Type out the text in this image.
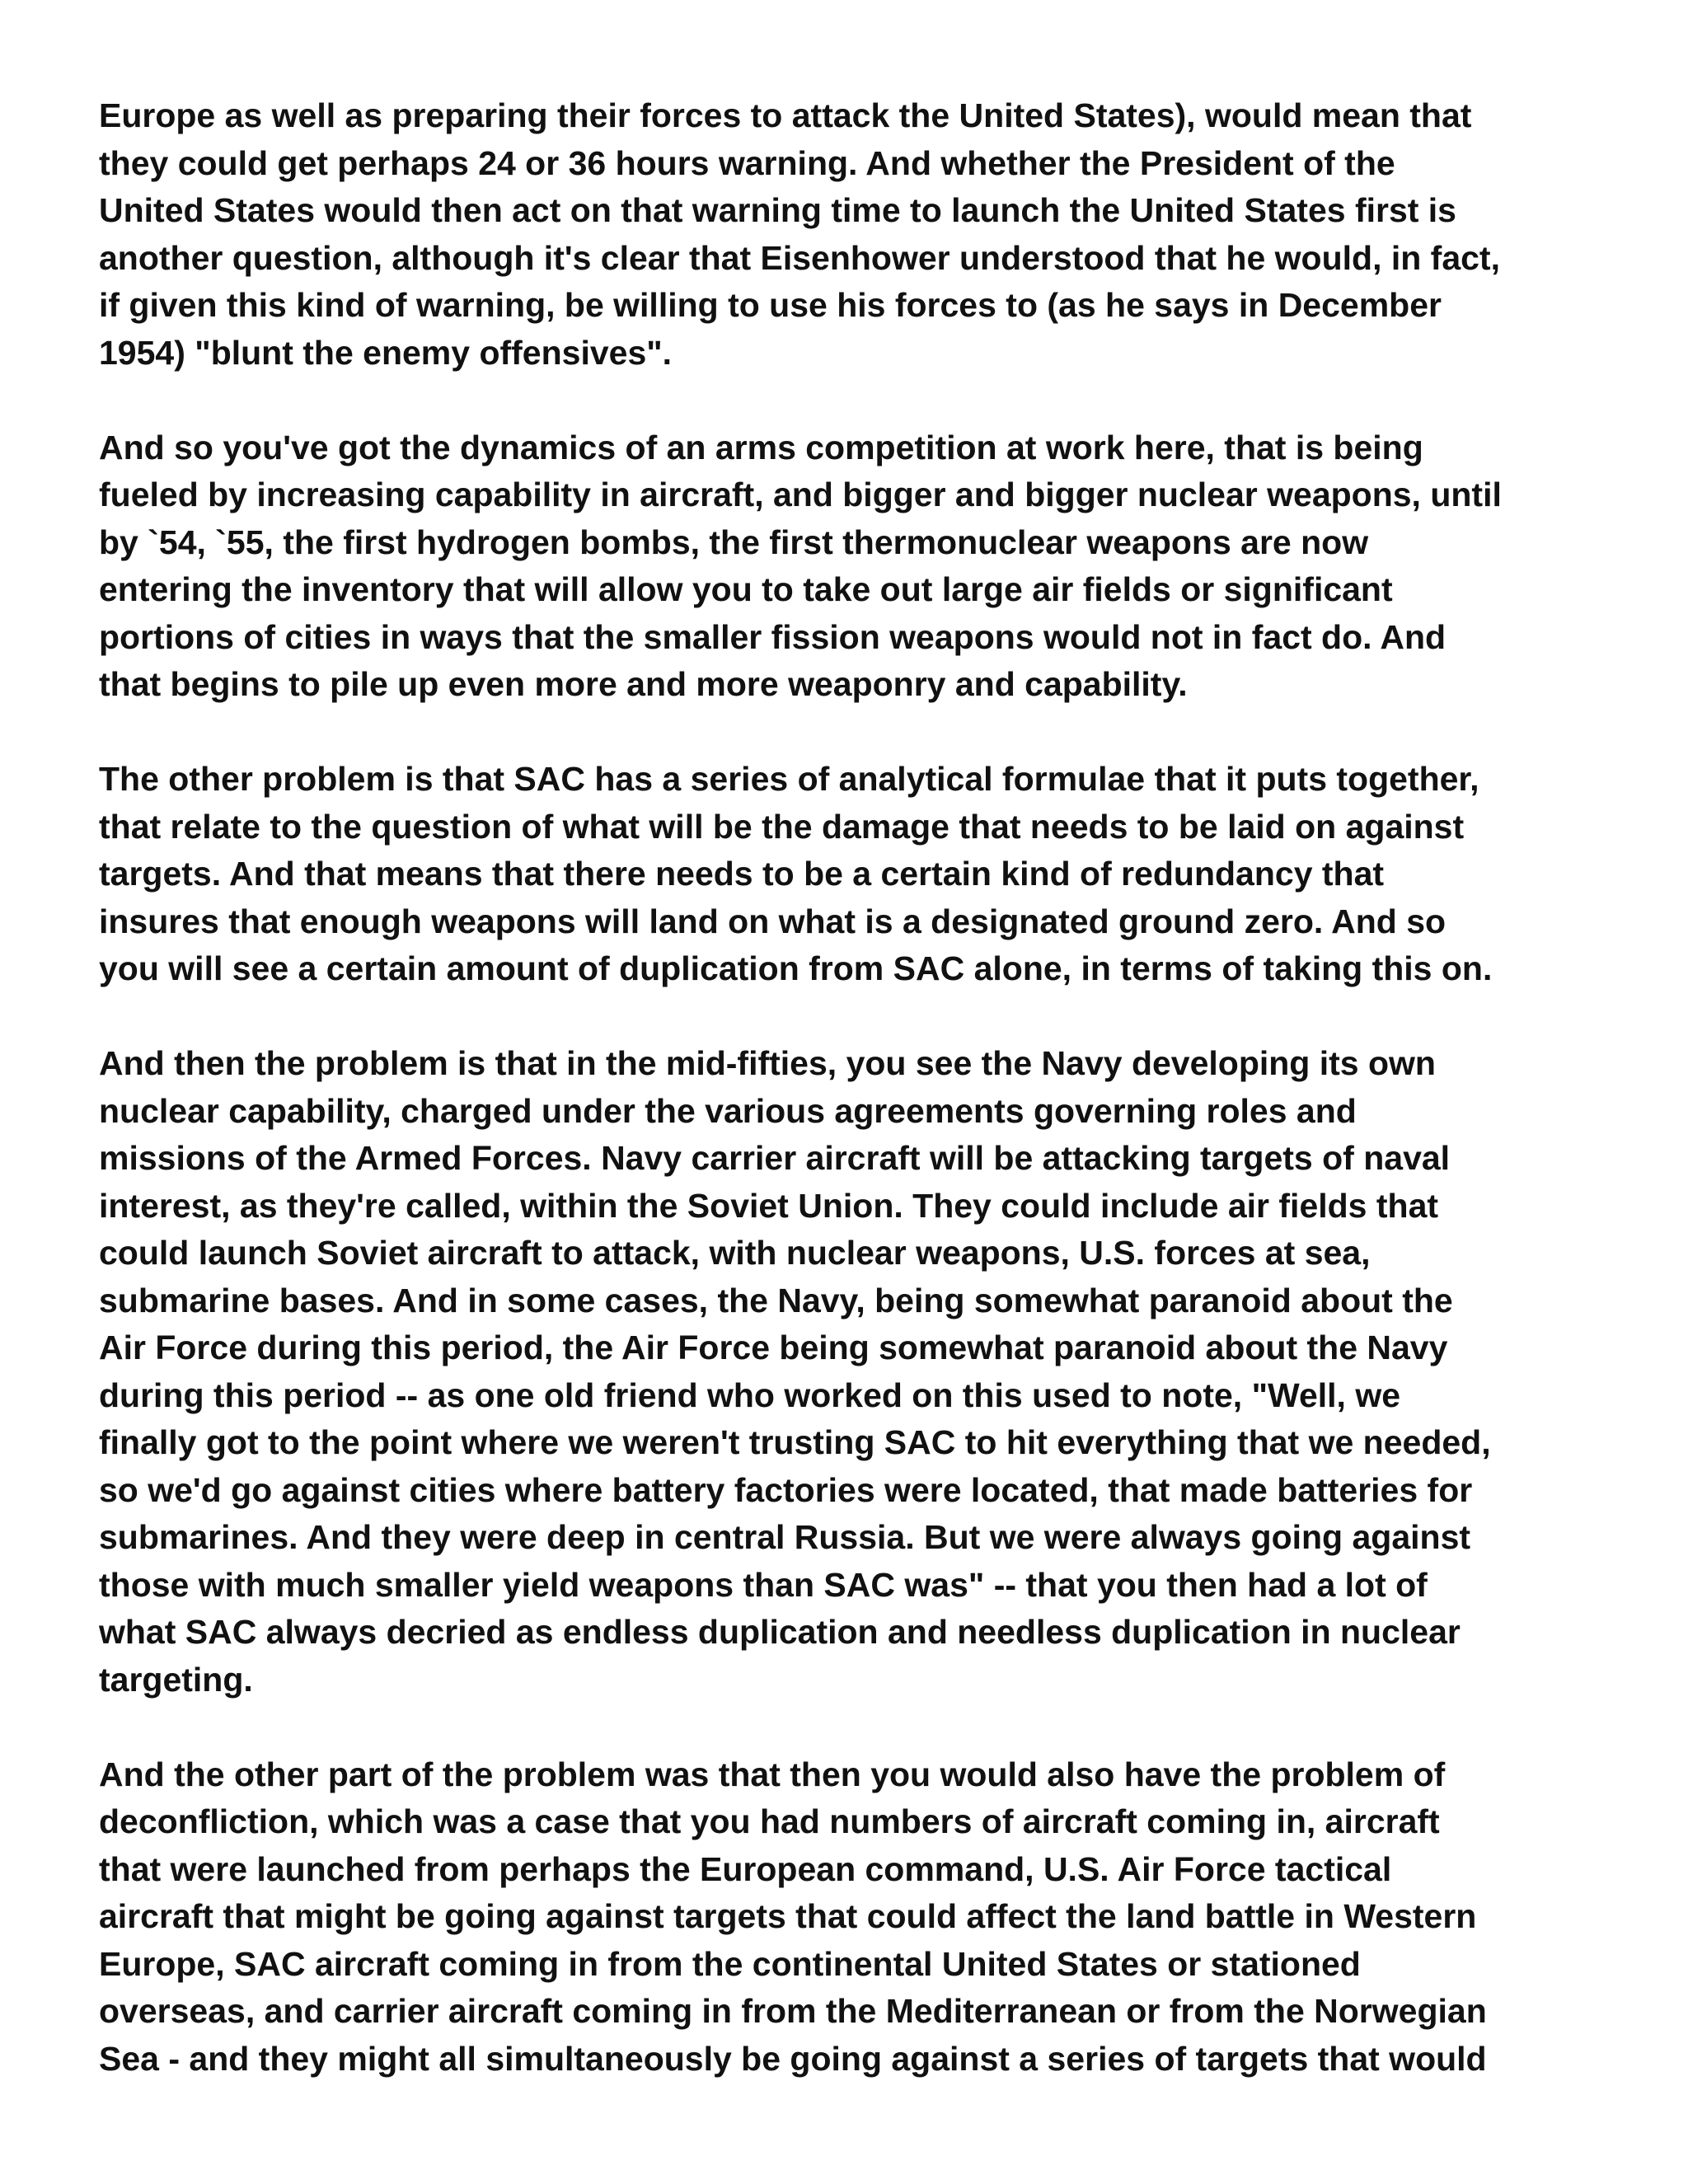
Europe as well as preparing their forces to attack the United States), would mean that
they could get perhaps 24 or 36 hours warning. And whether the President of the
United States would then act on that warning time to launch the United States first is
another question, although it's clear that Eisenhower understood that he would, in fact,
if given this kind of warning, be willing to use his forces to (as he says in December
1954) "blunt the enemy offensives".

And so you've got the dynamics of an arms competition at work here, that is being
fueled by increasing capability in aircraft, and bigger and bigger nuclear weapons, until
by `54, `55, the first hydrogen bombs, the first thermonuclear weapons are now
entering the inventory that will allow you to take out large air fields or significant
portions of cities in ways that the smaller fission weapons would not in fact do. And
that begins to pile up even more and more weaponry and capability.

The other problem is that SAC has a series of analytical formulae that it puts together,
that relate to the question of what will be the damage that needs to be laid on against
targets. And that means that there needs to be a certain kind of redundancy that
insures that enough weapons will land on what is a designated ground zero. And so
you will see a certain amount of duplication from SAC alone, in terms of taking this on.

And then the problem is that in the mid-fifties, you see the Navy developing its own
nuclear capability, charged under the various agreements governing roles and
missions of the Armed Forces. Navy carrier aircraft will be attacking targets of naval
interest, as they're called, within the Soviet Union. They could include air fields that
could launch Soviet aircraft to attack, with nuclear weapons, U.S. forces at sea,
submarine bases. And in some cases, the Navy, being somewhat paranoid about the
Air Force during this period, the Air Force being somewhat paranoid about the Navy
during this period -- as one old friend who worked on this used to note, "Well, we
finally got to the point where we weren't trusting SAC to hit everything that we needed,
so we'd go against cities where battery factories were located, that made batteries for
submarines. And they were deep in central Russia. But we were always going against
those with much smaller yield weapons than SAC was" -- that you then had a lot of
what SAC always decried as endless duplication and needless duplication in nuclear
targeting.

And the other part of the problem was that then you would also have the problem of
deconfliction, which was a case that you had numbers of aircraft coming in, aircraft
that were launched from perhaps the European command, U.S. Air Force tactical
aircraft that might be going against targets that could affect the land battle in Western
Europe, SAC aircraft coming in from the continental United States or stationed
overseas, and carrier aircraft coming in from the Mediterranean or from the Norwegian
Sea - and they might all simultaneously be going against a series of targets that would
